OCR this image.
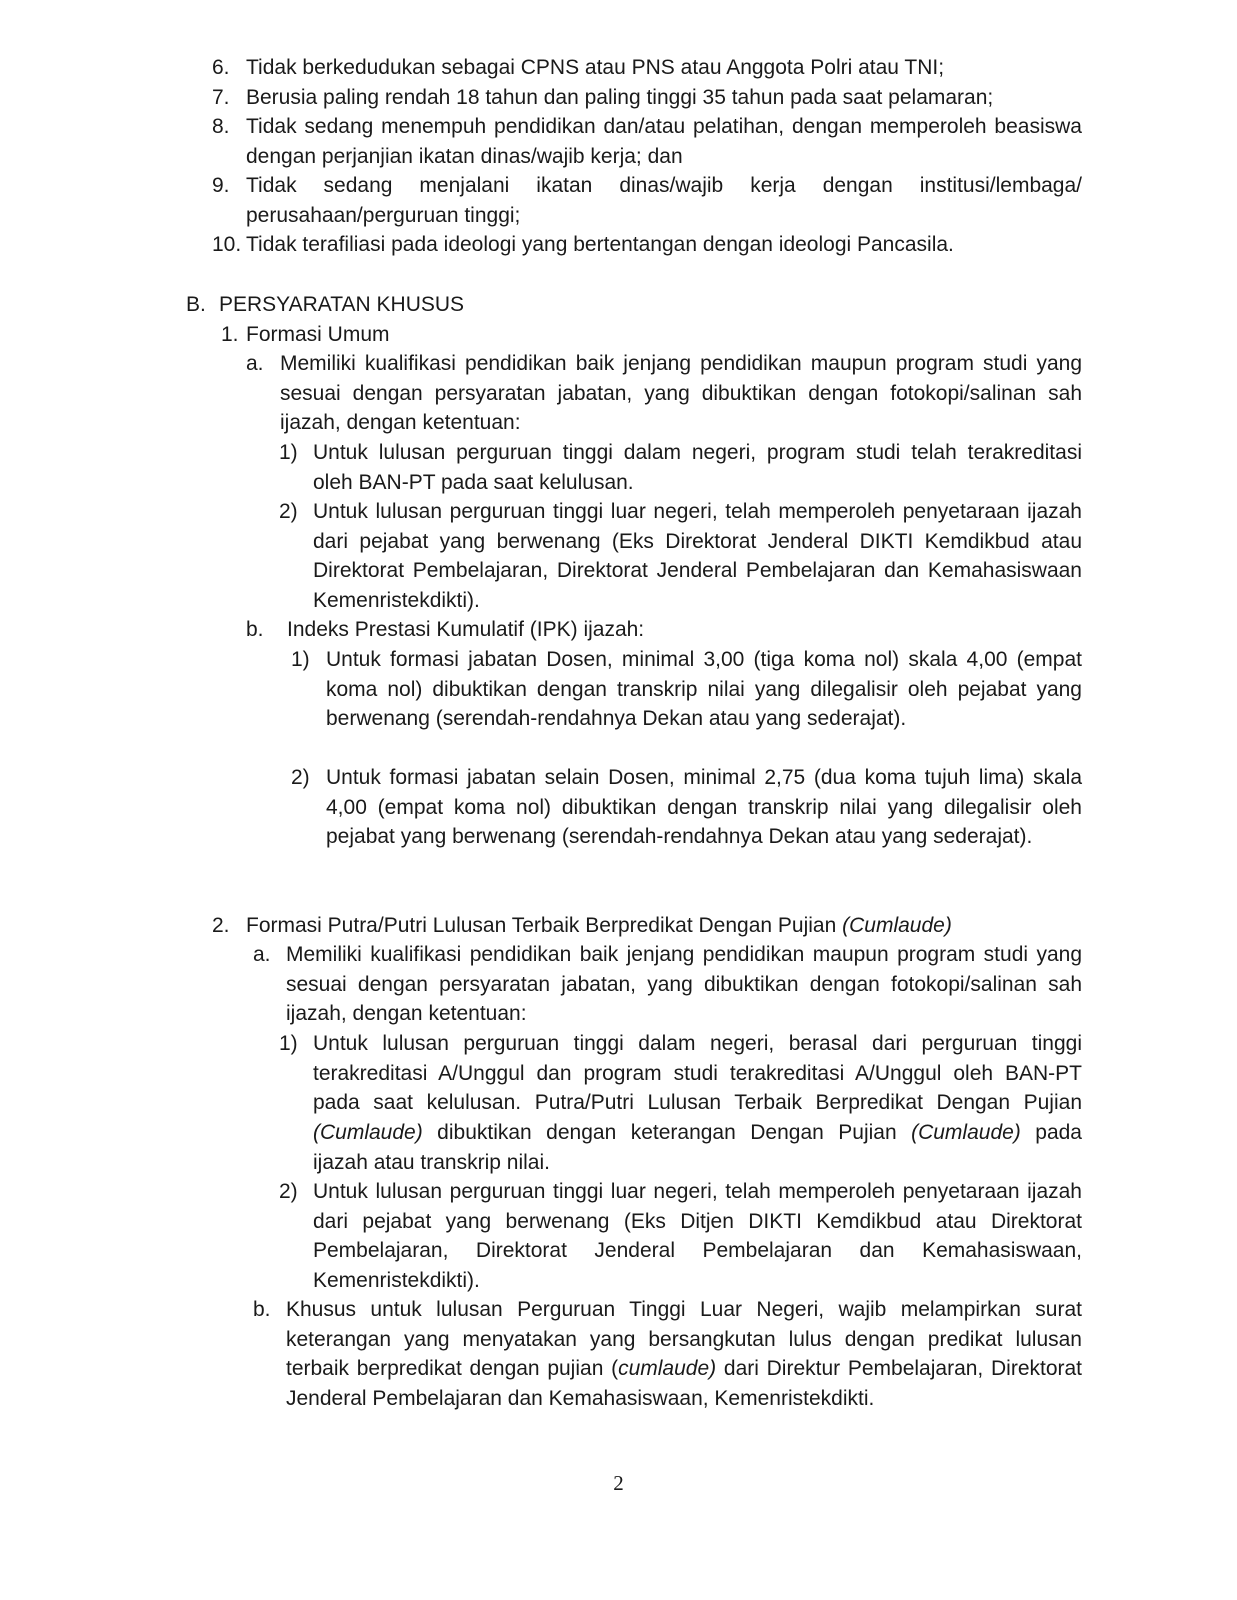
6. Tidak berkedudukan sebagai CPNS atau PNS atau Anggota Polri atau TNI;
7. Berusia paling rendah 18 tahun dan paling tinggi 35 tahun pada saat pelamaran;
8. Tidak sedang menempuh pendidikan dan/atau pelatihan, dengan memperoleh beasiswa dengan perjanjian ikatan dinas/wajib kerja; dan
9. Tidak sedang menjalani ikatan dinas/wajib kerja dengan institusi/lembaga/ perusahaan/perguruan tinggi;
10. Tidak terafiliasi pada ideologi yang bertentangan dengan ideologi Pancasila.
B. PERSYARATAN KHUSUS
1. Formasi Umum
a. Memiliki kualifikasi pendidikan baik jenjang pendidikan maupun program studi yang sesuai dengan persyaratan jabatan, yang dibuktikan dengan fotokopi/salinan sah ijazah, dengan ketentuan:
1) Untuk lulusan perguruan tinggi dalam negeri, program studi telah terakreditasi oleh BAN-PT pada saat kelulusan.
2) Untuk lulusan perguruan tinggi luar negeri, telah memperoleh penyetaraan ijazah dari pejabat yang berwenang (Eks Direktorat Jenderal DIKTI Kemdikbud atau Direktorat Pembelajaran, Direktorat Jenderal Pembelajaran dan Kemahasiswaan Kemenristekdikti).
b. Indeks Prestasi Kumulatif (IPK) ijazah:
1) Untuk formasi jabatan Dosen, minimal 3,00 (tiga koma nol) skala 4,00 (empat koma nol) dibuktikan dengan transkrip nilai yang dilegalisir oleh pejabat yang berwenang (serendah-rendahnya Dekan atau yang sederajat).
2) Untuk formasi jabatan selain Dosen, minimal 2,75 (dua koma tujuh lima) skala 4,00 (empat koma nol) dibuktikan dengan transkrip nilai yang dilegalisir oleh pejabat yang berwenang (serendah-rendahnya Dekan atau yang sederajat).
2. Formasi Putra/Putri Lulusan Terbaik Berpredikat Dengan Pujian (Cumlaude)
a. Memiliki kualifikasi pendidikan baik jenjang pendidikan maupun program studi yang sesuai dengan persyaratan jabatan, yang dibuktikan dengan fotokopi/salinan sah ijazah, dengan ketentuan:
1) Untuk lulusan perguruan tinggi dalam negeri, berasal dari perguruan tinggi terakreditasi A/Unggul dan program studi terakreditasi A/Unggul oleh BAN-PT pada saat kelulusan. Putra/Putri Lulusan Terbaik Berpredikat Dengan Pujian (Cumlaude) dibuktikan dengan keterangan Dengan Pujian (Cumlaude) pada ijazah atau transkrip nilai.
2) Untuk lulusan perguruan tinggi luar negeri, telah memperoleh penyetaraan ijazah dari pejabat yang berwenang (Eks Ditjen DIKTI Kemdikbud atau Direktorat Pembelajaran, Direktorat Jenderal Pembelajaran dan Kemahasiswaan, Kemenristekdikti).
b. Khusus untuk lulusan Perguruan Tinggi Luar Negeri, wajib melampirkan surat keterangan yang menyatakan yang bersangkutan lulus dengan predikat lulusan terbaik berpredikat dengan pujian (cumlaude) dari Direktur Pembelajaran, Direktorat Jenderal Pembelajaran dan Kemahasiswaan, Kemenristekdikti.
2
